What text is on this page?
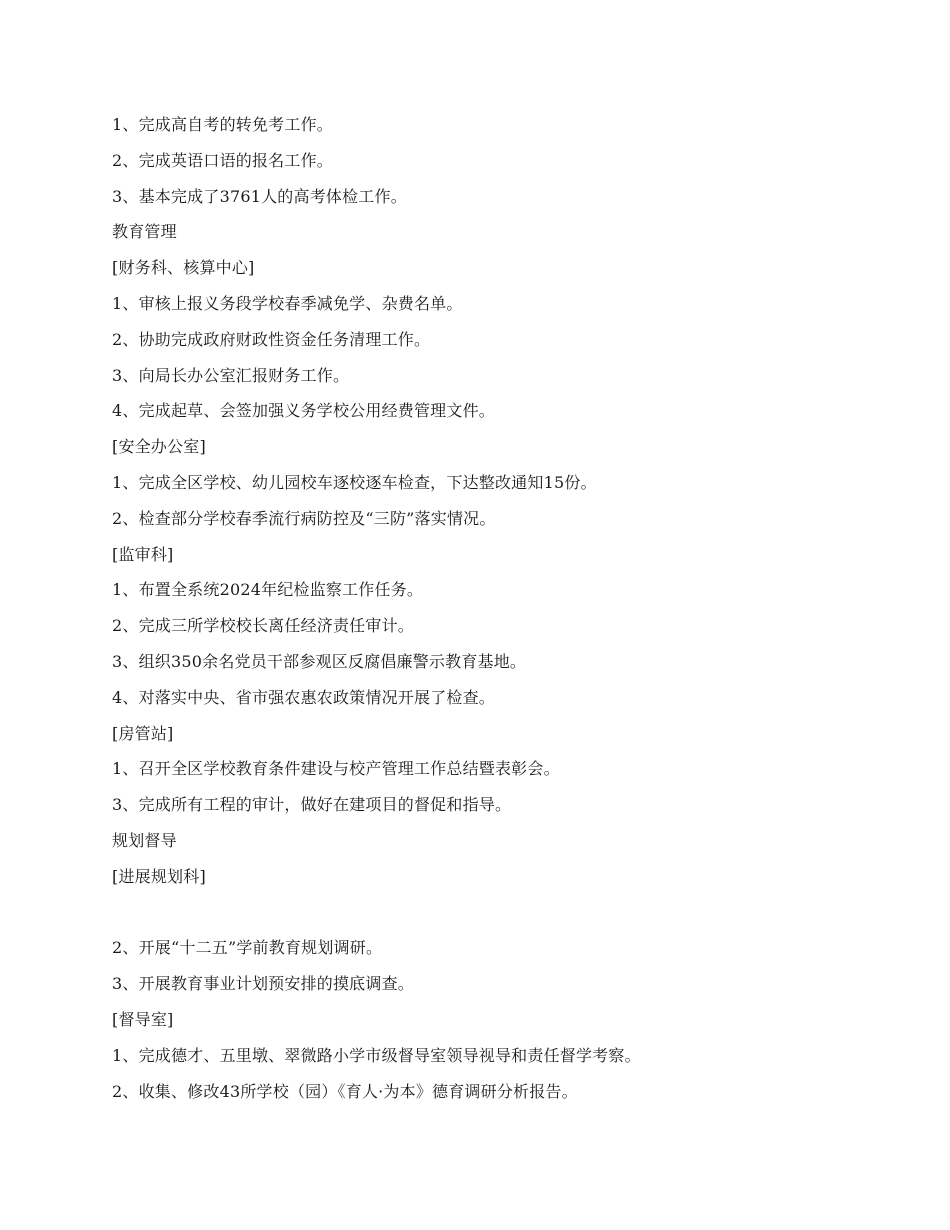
1、完成高自考的转免考工作。
2、完成英语口语的报名工作。
3、基本完成了3761人的高考体检工作。
教育管理
[财务科、核算中心]
1、审核上报义务段学校春季减免学、杂费名单。
2、协助完成政府财政性资金任务清理工作。
3、向局长办公室汇报财务工作。
4、完成起草、会签加强义务学校公用经费管理文件。
[安全办公室]
1、完成全区学校、幼儿园校车逐校逐车检查，下达整改通知15份。
2、检查部分学校春季流行病防控及“三防”落实情况。
[监审科]
1、布置全系统2024年纪检监察工作任务。
2、完成三所学校校长离任经济责任审计。
3、组织350余名党员干部参观区反腐倡廉警示教育基地。
4、对落实中央、省市强农惠农政策情况开展了检查。
[房管站]
1、召开全区学校教育条件建设与校产管理工作总结暨表彰会。
3、完成所有工程的审计，做好在建项目的督促和指导。
规划督导
[进展规划科]
2、开展“十二五”学前教育规划调研。
3、开展教育事业计划预安排的摸底调查。
[督导室]
1、完成德才、五里墩、翠微路小学市级督导室领导视导和责任督学考察。
2、收集、修改43所学校（园）《育人·为本》德育调研分析报告。
